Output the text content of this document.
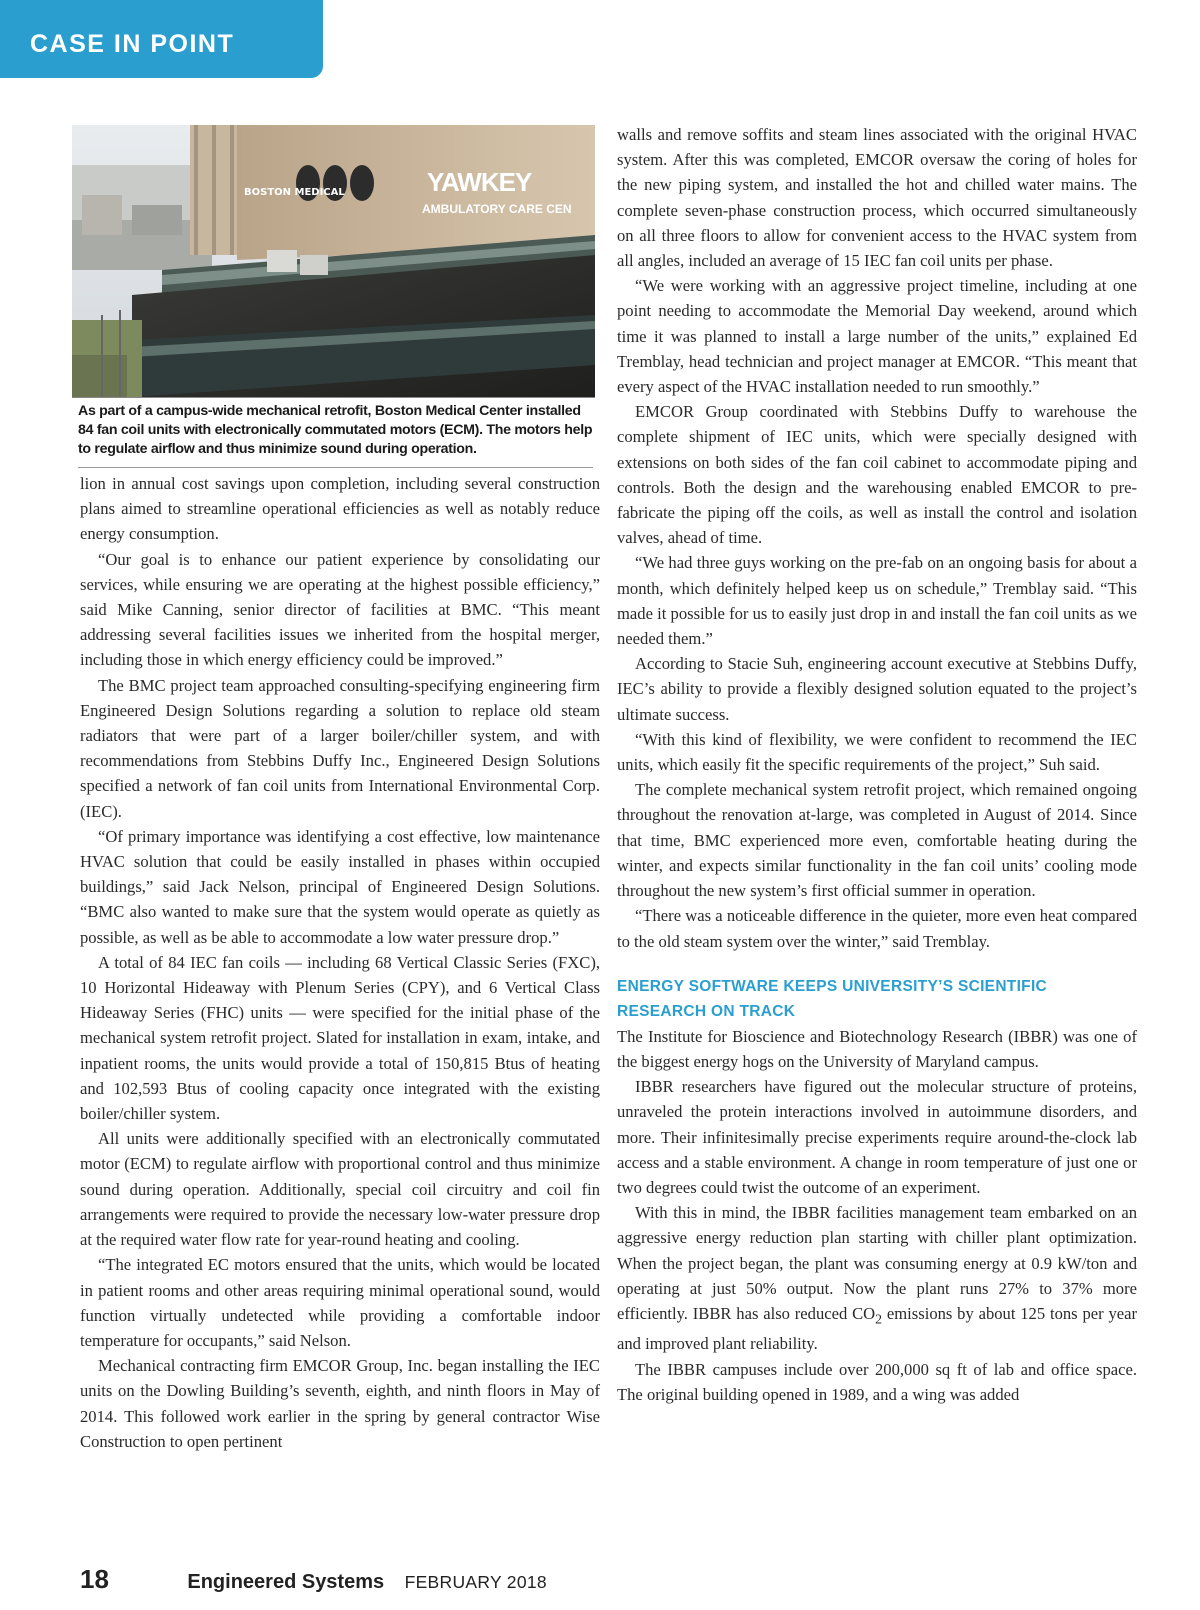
CASE IN POINT
BOSTON MEDICAL	YAWKEY
AMBULATORY CARE CEN
As part of a campus-wide mechanical retrofit, Boston Medical Center installed 84 fan coil units with electronically commutated motors (ECM). The motors help to regulate airflow and thus minimize sound during operation.

lion in annual cost savings upon completion, including several construction plans aimed to streamline operational efficiencies as well as notably reduce energy consumption.

“Our goal is to enhance our patient experience by consolidating our services, while ensuring we are operating at the highest possible efficiency,” said Mike Canning, senior director of facilities at BMC. “This meant addressing several facilities issues we inherited from the hospital merger, including those in which energy efficiency could be improved.”

The BMC project team approached consulting-specifying engineering firm Engineered Design Solutions regarding a solution to replace old steam radiators that were part of a larger boiler/chiller system, and with recommendations from Stebbins Duffy Inc., Engineered Design Solutions specified a network of fan coil units from International Environmental Corp. (IEC).

“Of primary importance was identifying a cost effective, low maintenance HVAC solution that could be easily installed in phases within occupied buildings,” said Jack Nelson, principal of Engineered Design Solutions. “BMC also wanted to make sure that the system would operate as quietly as possible, as well as be able to accommodate a low water pressure drop.”

A total of 84 IEC fan coils — including 68 Vertical Classic Series (FXC), 10 Horizontal Hideaway with Plenum Series (CPY), and 6 Vertical Class Hideaway Series (FHC) units — were specified for the initial phase of the mechanical system retrofit project. Slated for installation in exam, intake, and inpatient rooms, the units would provide a total of 150,815 Btus of heating and 102,593 Btus of cooling capacity once integrated with the existing boiler/chiller system.

All units were additionally specified with an electronically commutated motor (ECM) to regulate airflow with proportional control and thus minimize sound during operation. Additionally, special coil circuitry and coil fin arrangements were required to provide the necessary low-water pressure drop at the required water flow rate for year-round heating and cooling.

“The integrated EC motors ensured that the units, which would be located in patient rooms and other areas requiring minimal operational sound, would function virtually undetected while providing a comfortable indoor temperature for occupants,” said Nelson.

Mechanical contracting firm EMCOR Group, Inc. began installing the IEC units on the Dowling Building’s seventh, eighth, and ninth floors in May of 2014. This followed work earlier in the spring by general contractor Wise Construction to open pertinent

walls and remove soffits and steam lines associated with the original HVAC system. After this was completed, EMCOR oversaw the coring of holes for the new piping system, and installed the hot and chilled water mains. The complete seven-phase construction process, which occurred simultaneously on all three floors to allow for convenient access to the HVAC system from all angles, included an average of 15 IEC fan coil units per phase.

“We were working with an aggressive project timeline, including at one point needing to accommodate the Memorial Day weekend, around which time it was planned to install a large number of the units,” explained Ed Tremblay, head technician and project manager at EMCOR. “This meant that every aspect of the HVAC installation needed to run smoothly.”

EMCOR Group coordinated with Stebbins Duffy to warehouse the complete shipment of IEC units, which were specially designed with extensions on both sides of the fan coil cabinet to accommodate piping and controls. Both the design and the warehousing enabled EMCOR to pre-fabricate the piping off the coils, as well as install the control and isolation valves, ahead of time.

“We had three guys working on the pre-fab on an ongoing basis for about a month, which definitely helped keep us on schedule,” Tremblay said. “This made it possible for us to easily just drop in and install the fan coil units as we needed them.”

According to Stacie Suh, engineering account executive at Stebbins Duffy, IEC’s ability to provide a flexibly designed solution equated to the project’s ultimate success.

“With this kind of flexibility, we were confident to recommend the IEC units, which easily fit the specific requirements of the project,” Suh said.

The complete mechanical system retrofit project, which remained ongoing throughout the renovation at-large, was completed in August of 2014. Since that time, BMC experienced more even, comfortable heating during the winter, and expects similar functionality in the fan coil units’ cooling mode throughout the new system’s first official summer in operation.

“There was a noticeable difference in the quieter, more even heat compared to the old steam system over the winter,” said Tremblay.

ENERGY SOFTWARE KEEPS UNIVERSITY’S SCIENTIFIC RESEARCH ON TRACK

The Institute for Bioscience and Biotechnology Research (IBBR) was one of the biggest energy hogs on the University of Maryland campus.

IBBR researchers have figured out the molecular structure of proteins, unraveled the protein interactions involved in autoimmune disorders, and more. Their infinitesimally precise experiments require around-the-clock lab access and a stable environment. A change in room temperature of just one or two degrees could twist the outcome of an experiment.

With this in mind, the IBBR facilities management team embarked on an aggressive energy reduction plan starting with chiller plant optimization. When the project began, the plant was consuming energy at 0.9 kW/ton and operating at just 50% output. Now the plant runs 27% to 37% more efficiently. IBBR has also reduced $CO_2$ emissions by about 125 tons per year and improved plant reliability.

The IBBR campuses include over 200,000 sq ft of lab and office space. The original building opened in 1989, and a wing was added

18	Engineered Systems FEBRUARY 2018
